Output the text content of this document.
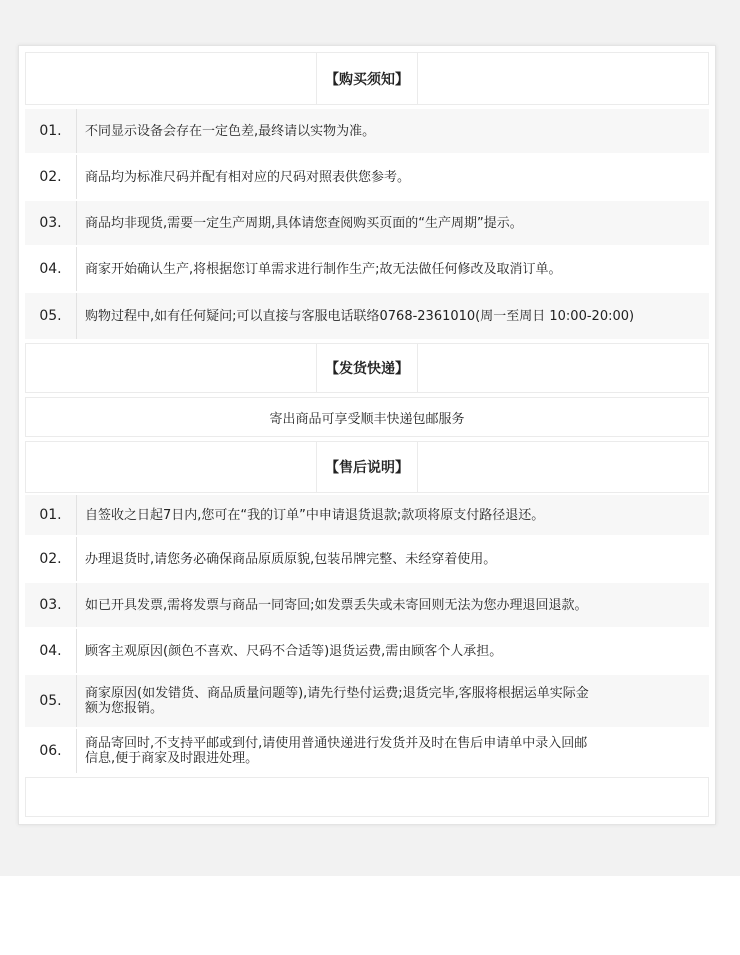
【购买须知】
01.	不同显示设备会存在一定色差,最终请以实物为准。
02.	商品均为标准尺码并配有相对应的尺码对照表供您参考。
03.	商品均非现货,需要一定生产周期,具体请您查阅购买页面的“生产周期”提示。
04.	商家开始确认生产,将根据您订单需求进行制作生产;故无法做任何修改及取消订单。
05.	购物过程中,如有任何疑问;可以直接与客服电话联络0768-2361010(周一至周日 10:00-20:00)
【发货快递】
寄出商品可享受顺丰快递包邮服务
【售后说明】
01.	自签收之日起7日内,您可在“我的订单”中申请退货退款;款项将原支付路径退还。
02.	办理退货时,请您务必确保商品原质原貌,包装吊牌完整、未经穿着使用。
03.	如已开具发票,需将发票与商品一同寄回;如发票丢失或未寄回则无法为您办理退回退款。
04.	顾客主观原因(颜色不喜欢、尺码不合适等)退货运费,需由顾客个人承担。
05.	商家原因(如发错货、商品质量问题等),请先行垫付运费;退货完毕,客服将根据运单实际金
额为您报销。
06.	商品寄回时,不支持平邮或到付,请使用普通快递进行发货并及时在售后申请单中录入回邮
信息,便于商家及时跟进处理。
